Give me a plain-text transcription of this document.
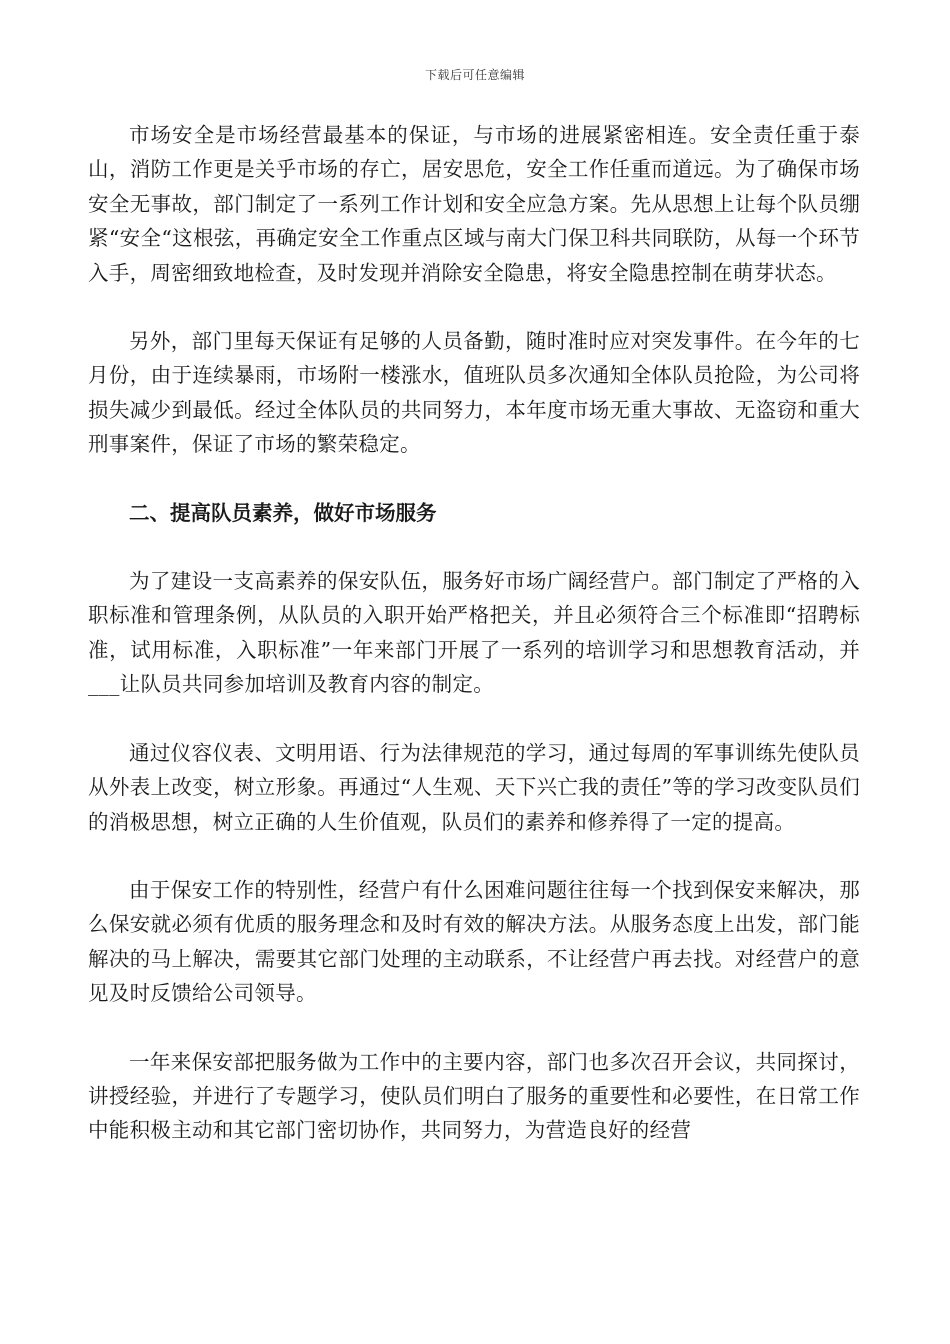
下载后可任意编辑

市场安全是市场经营最基本的保证，与市场的进展紧密相连。安全责任重于泰山，消防工作更是关乎市场的存亡，居安思危，安全工作任重而道远。为了确保市场安全无事故，部门制定了一系列工作计划和安全应急方案。先从思想上让每个队员绷紧“安全“这根弦，再确定安全工作重点区域与南大门保卫科共同联防，从每一个环节入手，周密细致地检查，及时发现并消除安全隐患，将安全隐患控制在萌芽状态。

另外，部门里每天保证有足够的人员备勤，随时准时应对突发事件。在今年的七月份，由于连续暴雨，市场附一楼涨水，值班队员多次通知全体队员抢险，为公司将损失减少到最低。经过全体队员的共同努力，本年度市场无重大事故、无盗窃和重大刑事案件，保证了市场的繁荣稳定。

二、提高队员素养，做好市场服务

为了建设一支高素养的保安队伍，服务好市场广阔经营户。部门制定了严格的入职标准和管理条例，从队员的入职开始严格把关，并且必须符合三个标准即“招聘标准，试用标准，入职标准”一年来部门开展了一系列的培训学习和思想教育活动，并___让队员共同参加培训及教育内容的制定。

通过仪容仪表、文明用语、行为法律规范的学习，通过每周的军事训练先使队员从外表上改变，树立形象。再通过“人生观、天下兴亡我的责任”等的学习改变队员们的消极思想，树立正确的人生价值观，队员们的素养和修养得了一定的提高。

由于保安工作的特别性，经营户有什么困难问题往往每一个找到保安来解决，那么保安就必须有优质的服务理念和及时有效的解决方法。从服务态度上出发，部门能解决的马上解决，需要其它部门处理的主动联系，不让经营户再去找。对经营户的意见及时反馈给公司领导。

一年来保安部把服务做为工作中的主要内容，部门也多次召开会议，共同探讨，讲授经验，并进行了专题学习，使队员们明白了服务的重要性和必要性，在日常工作中能积极主动和其它部门密切协作，共同努力，为营造良好的经营
